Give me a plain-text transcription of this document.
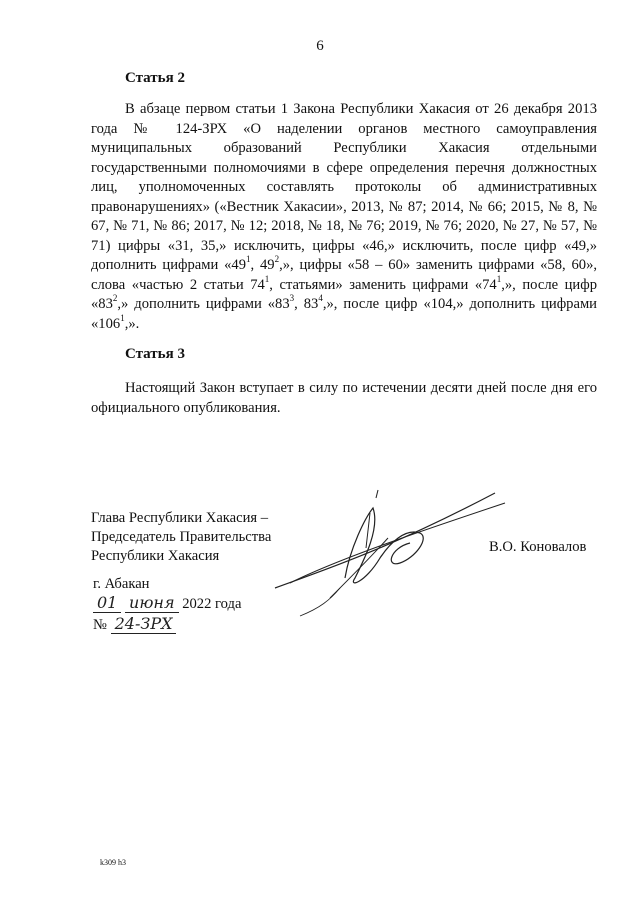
6
Статья 2
В абзаце первом статьи 1 Закона Республики Хакасия от 26 декабря 2013 года № 124-ЗРХ «О наделении органов местного самоуправления муниципальных образований Республики Хакасия отдельными государственными полномочиями в сфере определения перечня должностных лиц, уполномоченных составлять протоколы об административных правонарушениях» («Вестник Хакасии», 2013, № 87; 2014, № 66; 2015, № 8, № 67, № 71, № 86; 2017, № 12; 2018, № 18, № 76; 2019, № 76; 2020, № 27, № 57, № 71) цифры «31, 35,» исключить, цифры «46,» исключить, после цифр «49,» дополнить цифрами «$49^1$, $49^2$,», цифры «58 – 60» заменить цифрами «58, 60», слова «частью 2 статьи $74^1$, статьями» заменить цифрами «$74^1$,», после цифр «$83^2$,» дополнить цифрами «$83^3$, $83^4$,», после цифр «104,» дополнить цифрами «$106^1$,».
Статья 3
Настоящий Закон вступает в силу по истечении десяти дней после дня его официального опубликования.
Глава Республики Хакасия –
Председатель Правительства
Республики Хакасия
В.О. Коновалов
г. Абакан
01 июня 2022 года
№ 24-ЗРХ
k309 h3
